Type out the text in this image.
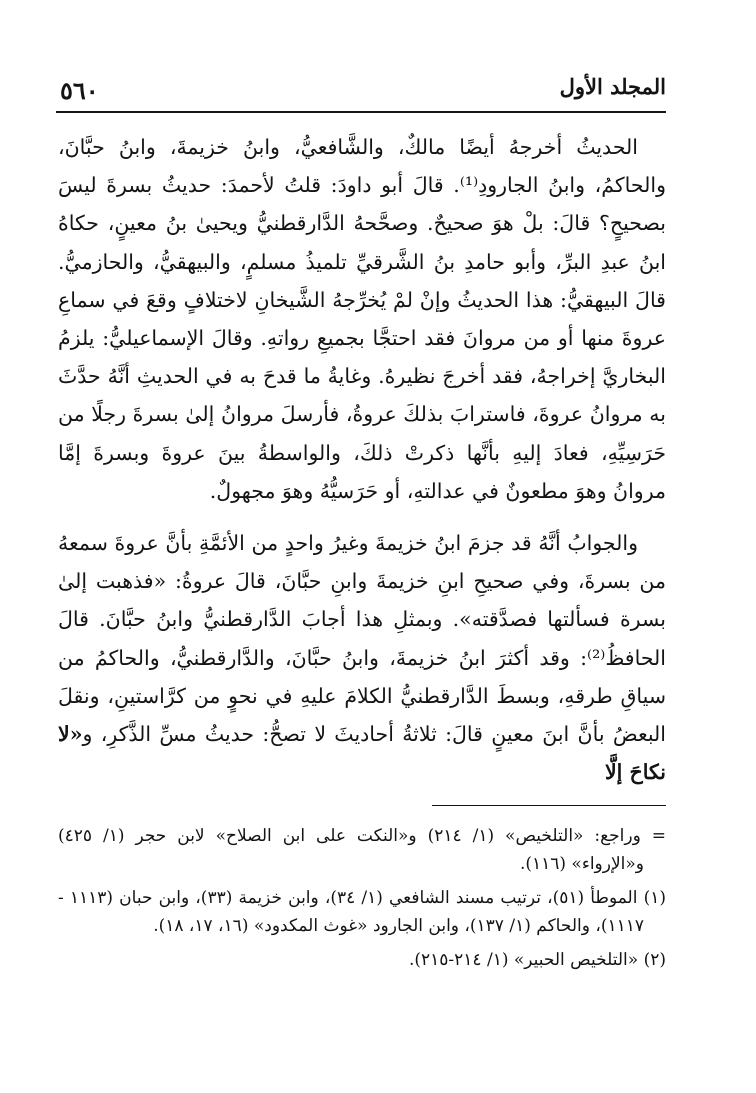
٥٦٠	المجلد الأول

الحديثُ أخرجهُ أيضًا مالكٌ، والشَّافعيُّ، وابنُ خزيمةَ، وابنُ حبَّانَ، والحاكمُ، وابنُ الجارودِ⁽¹⁾. قالَ أبو داودَ: قلتُ لأحمدَ: حديثُ بسرةَ ليسَ بصحيحٍ؟ قالَ: بلْ هوَ صحيحٌ. وصحَّحهُ الدَّارقطنيُّ ويحيىٰ بنُ معينٍ، حكاهُ ابنُ عبدِ البرِّ، وأبو حامدِ بنُ الشَّرقيِّ تلميذُ مسلمٍ، والبيهقيُّ، والحازميُّ. قالَ البيهقيُّ: هذا الحديثُ وإنْ لمْ يُخرِّجهُ الشَّيخانِ لاختلافٍ وقعَ في سماعِ عروةَ منها أو من مروانَ فقد احتجَّا بجميعِ رواتهِ. وقالَ الإسماعيليُّ: يلزمُ البخاريَّ إخراجهُ، فقد أخرجَ نظيرهُ. وغايةُ ما قدحَ به في الحديثِ أنَّهُ حدَّثَ به مروانُ عروةَ، فاسترابَ بذلكَ عروةُ، فأرسلَ مروانُ إلىٰ بسرةَ رجلًا من حَرَسِيِّهِ، فعادَ إليهِ بأنَّها ذكرتْ ذلكَ، والواسطةُ بينَ عروةَ وبسرةَ إمَّا مروانُ وهوَ مطعونٌ في عدالتهِ، أو حَرَسيُّهُ وهوَ مجهولٌ.

والجوابُ أنَّهُ قد جزمَ ابنُ خزيمةَ وغيرُ واحدٍ من الأئمَّةِ بأنَّ عروةَ سمعهُ من بسرةَ، وفي صحيحِ ابنِ خزيمةَ وابنِ حبَّانَ، قالَ عروةُ: «فذهبت إلىٰ بسرة فسألتها فصدَّقته». وبمثلِ هذا أجابَ الدَّارقطنيُّ وابنُ حبَّانَ. قالَ الحافظُ⁽²⁾: وقد أكثرَ ابنُ خزيمةَ، وابنُ حبَّانَ، والدَّارقطنيُّ، والحاكمُ من سياقِ طرقهِ، وبسطَ الدَّارقطنيُّ الكلامَ عليهِ في نحوٍ من كرَّاستينِ، ونقلَ البعضُ بأنَّ ابنَ معينٍ قالَ: ثلاثةُ أحاديثَ لا تصحُّ: حديثُ مسِّ الذَّكرِ، و«لا نكاحَ إلَّا

= وراجع: «التلخيص» (١/ ٢١٤) و«النكت على ابن الصلاح» لابن حجر (١/ ٤٢٥) و«الإرواء» (١١٦).

(١) الموطأ (٥١)، ترتيب مسند الشافعي (١/ ٣٤)، وابن خزيمة (٣٣)، وابن حبان (١١١٣ - ١١١٧)، والحاكم (١/ ١٣٧)، وابن الجارود «غوث المكدود» (١٦، ١٧، ١٨).

(٢) «التلخيص الحبير» (١/ ٢١٤-٢١٥).
